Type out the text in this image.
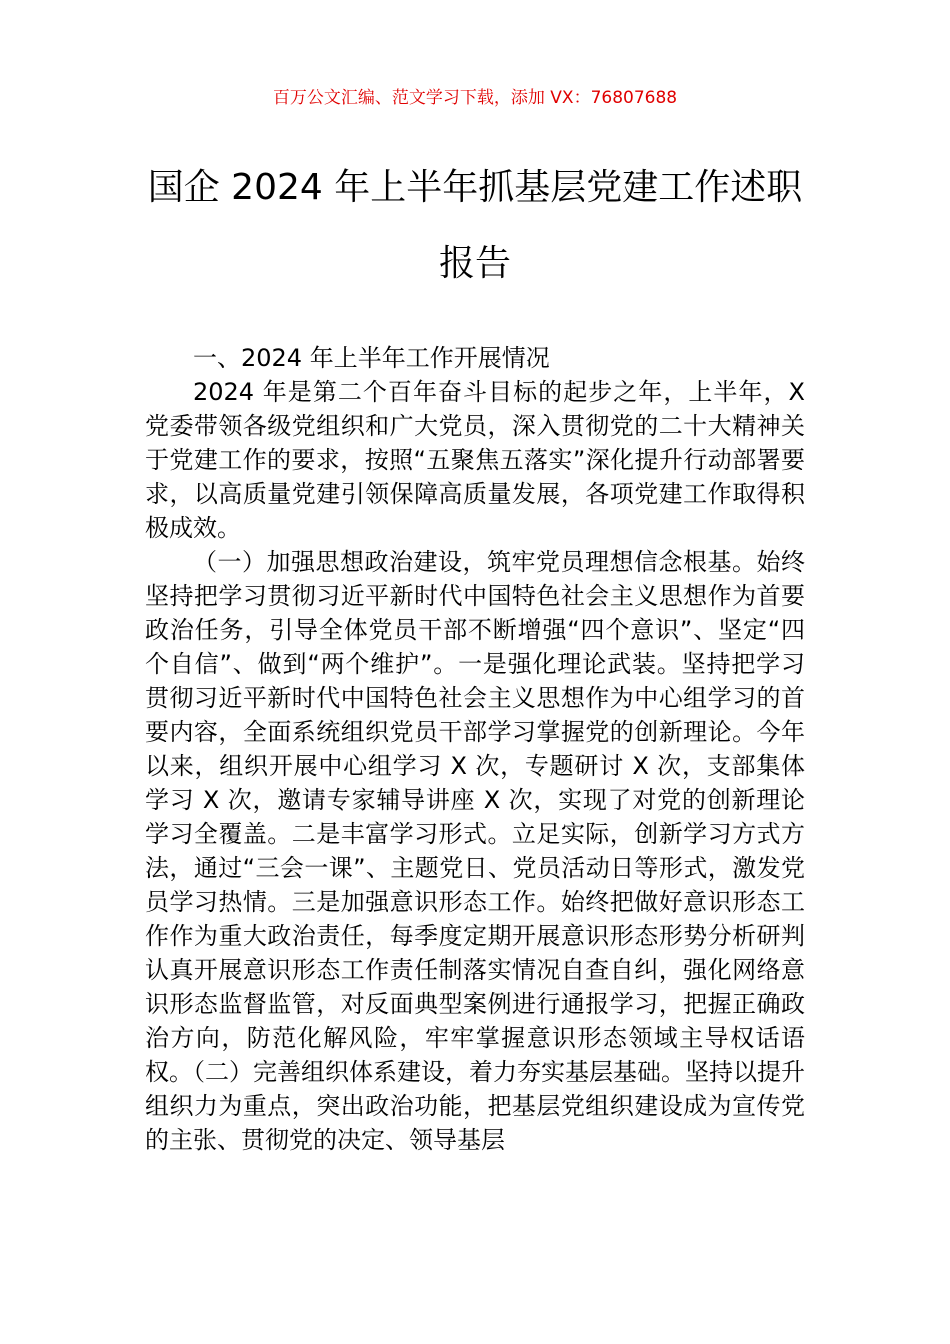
百万公文汇编、范文学习下载，添加 VX：76807688
国企 2024 年上半年抓基层党建工作述职报告

一、2024 年上半年工作开展情况

2024 年是第二个百年奋斗目标的起步之年，上半年，X 党委带领各级党组织和广大党员，深入贯彻党的二十大精神关于党建工作的要求，按照“五聚焦五落实”深化提升行动部署要求，以高质量党建引领保障高质量发展，各项党建工作取得积极成效。

（一）加强思想政治建设，筑牢党员理想信念根基。始终坚持把学习贯彻习近平新时代中国特色社会主义思想作为首要政治任务，引导全体党员干部不断增强“四个意识”、坚定“四个自信”、做到“两个维护”。一是强化理论武装。坚持把学习贯彻习近平新时代中国特色社会主义思想作为中心组学习的首要内容，全面系统组织党员干部学习掌握党的创新理论。今年以来，组织开展中心组学习 X 次，专题研讨 X 次，支部集体学习 X 次，邀请专家辅导讲座 X 次，实现了对党的创新理论学习全覆盖。二是丰富学习形式。立足实际，创新学习方式方法，通过“三会一课”、主题党日、党员活动日等形式，激发党员学习热情。三是加强意识形态工作。始终把做好意识形态工作作为重大政治责任，每季度定期开展意识形态形势分析研判认真开展意识形态工作责任制落实情况自查自纠，强化网络意识形态监督监管，对反面典型案例进行通报学习，把握正确政治方向，防范化解风险，牢牢掌握意识形态领域主导权话语权。（二）完善组织体系建设，着力夯实基层基础。坚持以提升组织力为重点，突出政治功能，把基层党组织建设成为宣传党的主张、贯彻党的决定、领导基层
